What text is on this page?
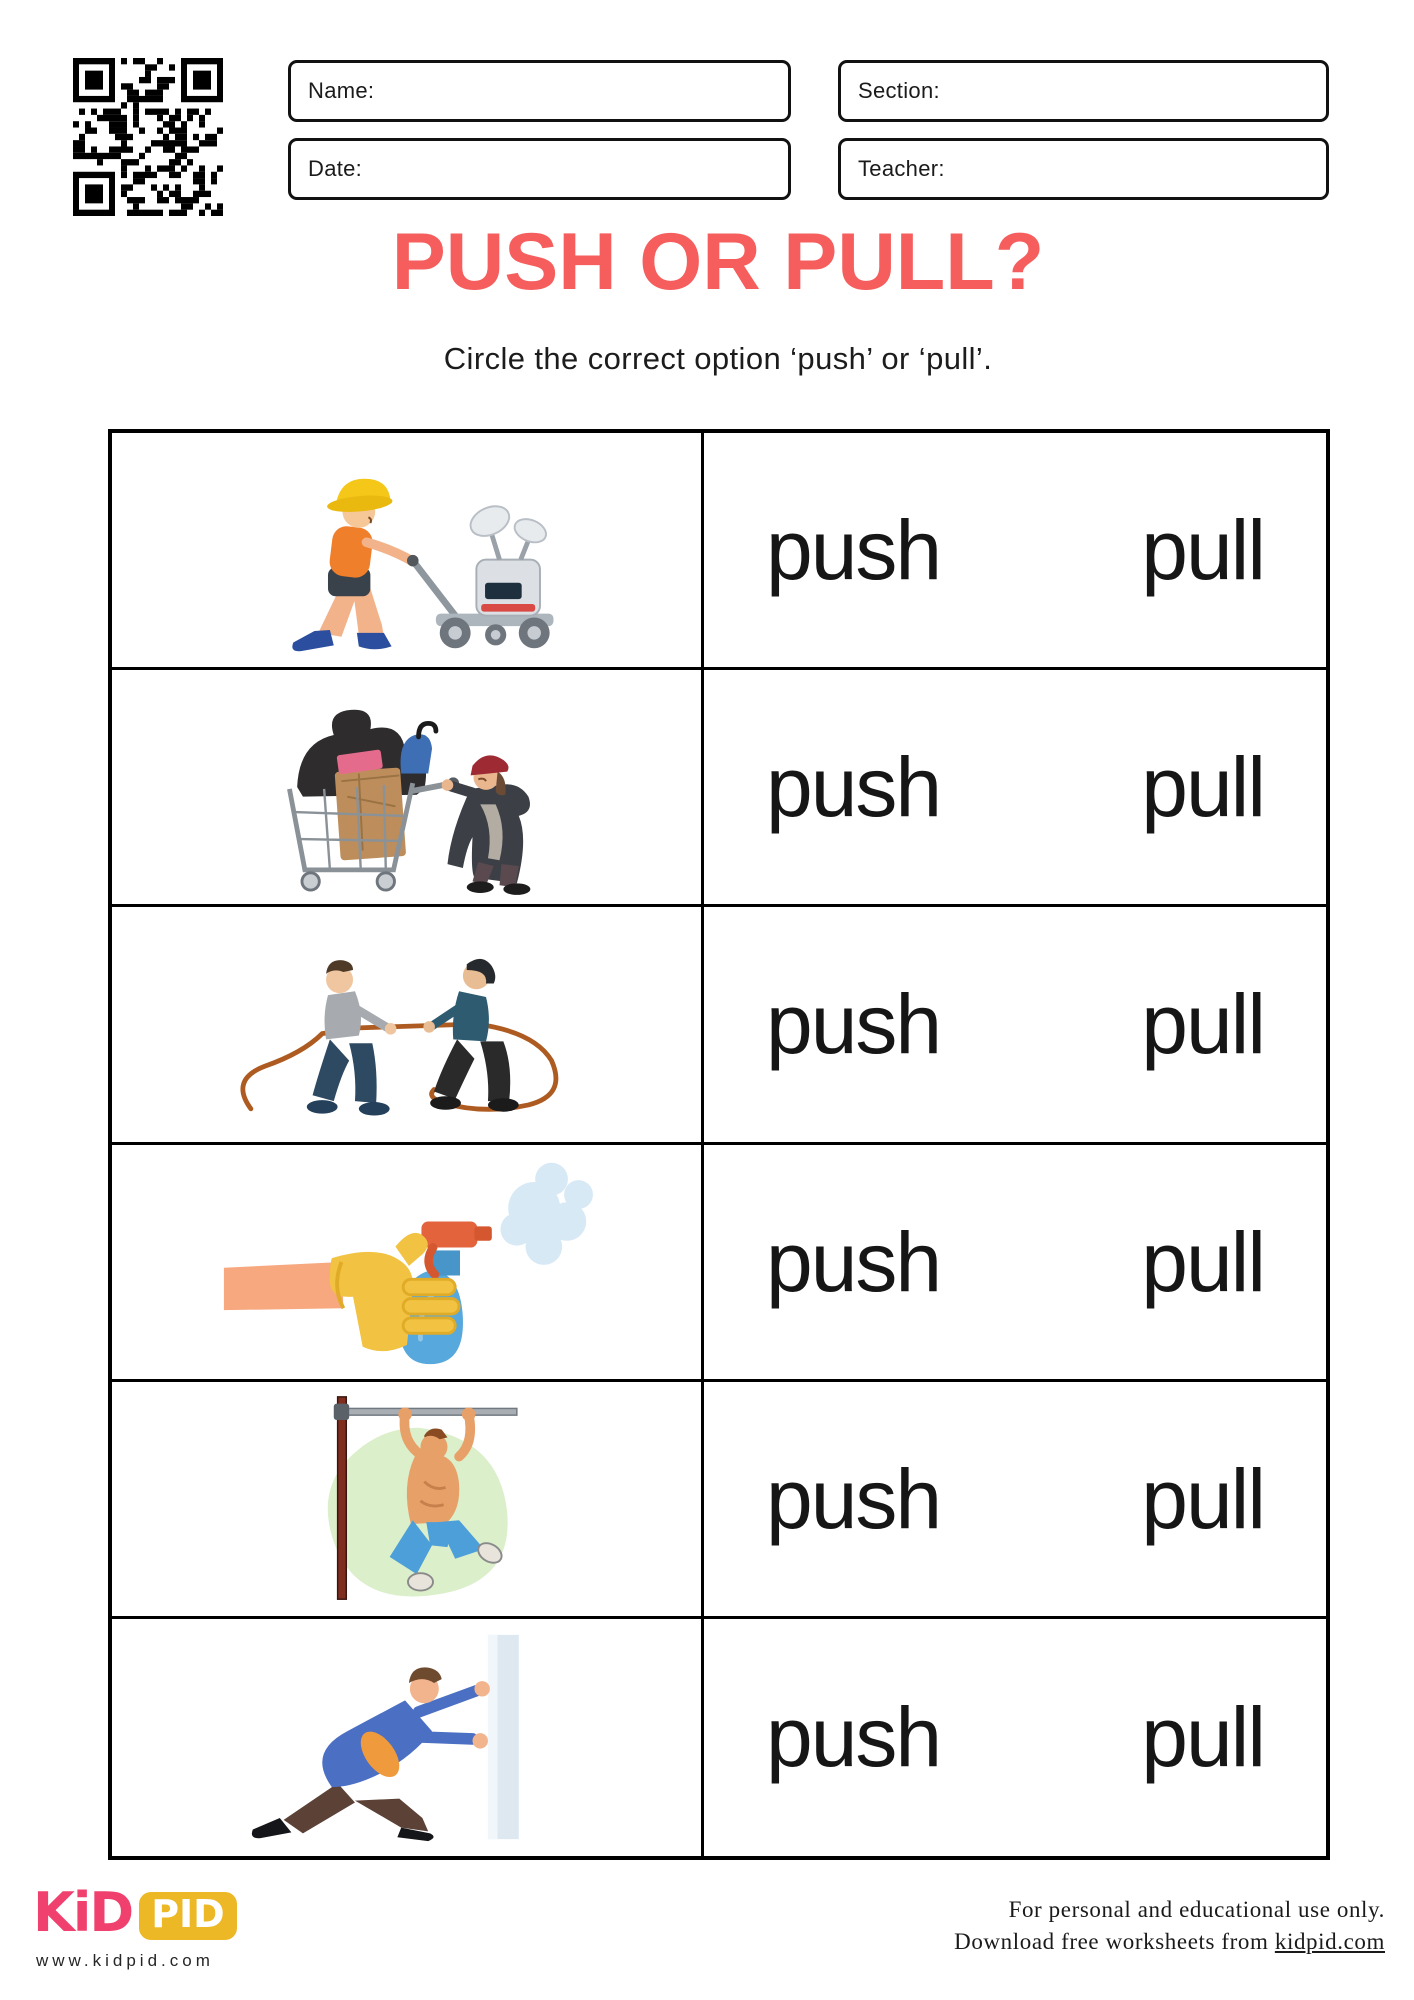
Name:	Section:
Date:	Teacher:
PUSH OR PULL?

Circle the correct option ‘push’ or ‘pull’.

push pull
push pull
push pull
push pull
push pull
push pull
KiD PID
www.kidpid.com
For personal and educational use only.
Download free worksheets from kidpid.com
